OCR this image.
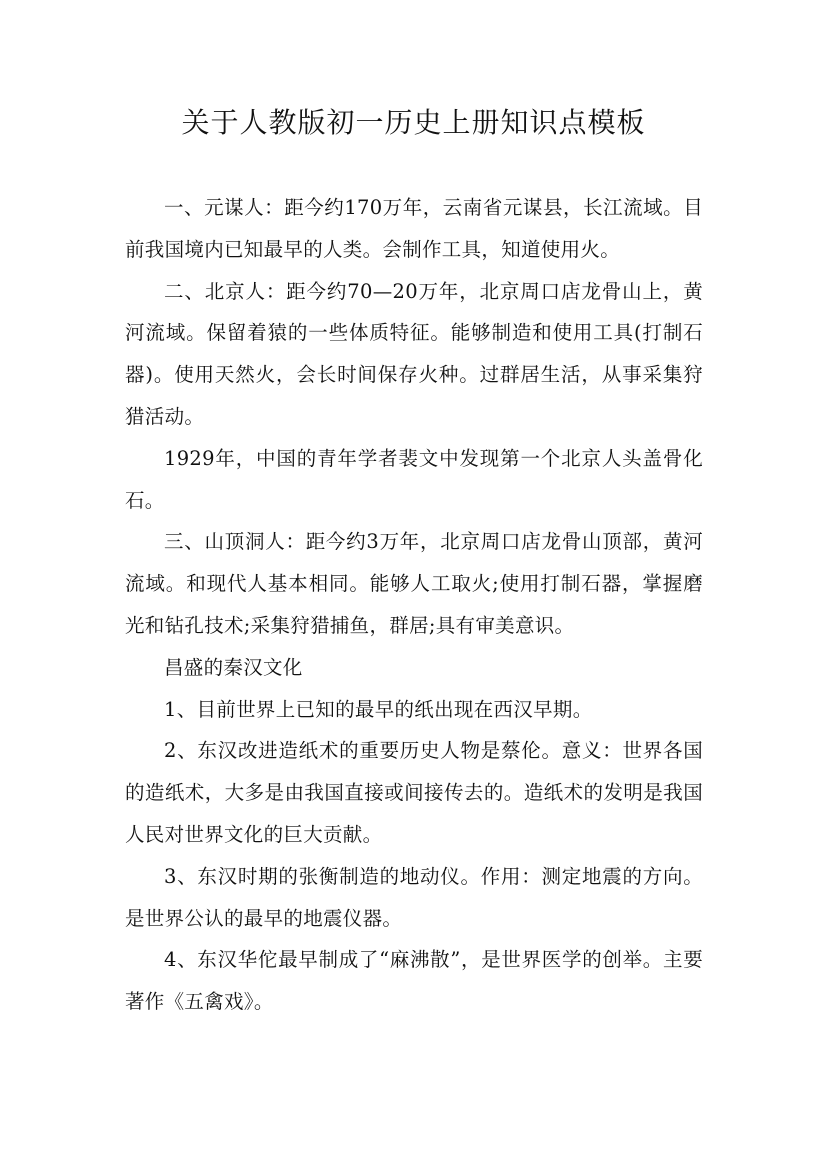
关于人教版初一历史上册知识点模板

一、元谋人：距今约170万年，云南省元谋县，长江流域。目前我国境内已知最早的人类。会制作工具，知道使用火。

二、北京人：距今约70—20万年，北京周口店龙骨山上，黄河流域。保留着猿的一些体质特征。能够制造和使用工具(打制石器)。使用天然火，会长时间保存火种。过群居生活，从事采集狩猎活动。

1929年，中国的青年学者裴文中发现第一个北京人头盖骨化石。

三、山顶洞人：距今约3万年，北京周口店龙骨山顶部，黄河流域。和现代人基本相同。能够人工取火;使用打制石器，掌握磨光和钻孔技术;采集狩猎捕鱼，群居;具有审美意识。

昌盛的秦汉文化

1、目前世界上已知的最早的纸出现在西汉早期。

2、东汉改进造纸术的重要历史人物是蔡伦。意义：世界各国的造纸术，大多是由我国直接或间接传去的。造纸术的发明是我国人民对世界文化的巨大贡献。

3、东汉时期的张衡制造的地动仪。作用：测定地震的方向。是世界公认的最早的地震仪器。

4、东汉华佗最早制成了“麻沸散”，是世界医学的创举。主要著作《五禽戏》。
